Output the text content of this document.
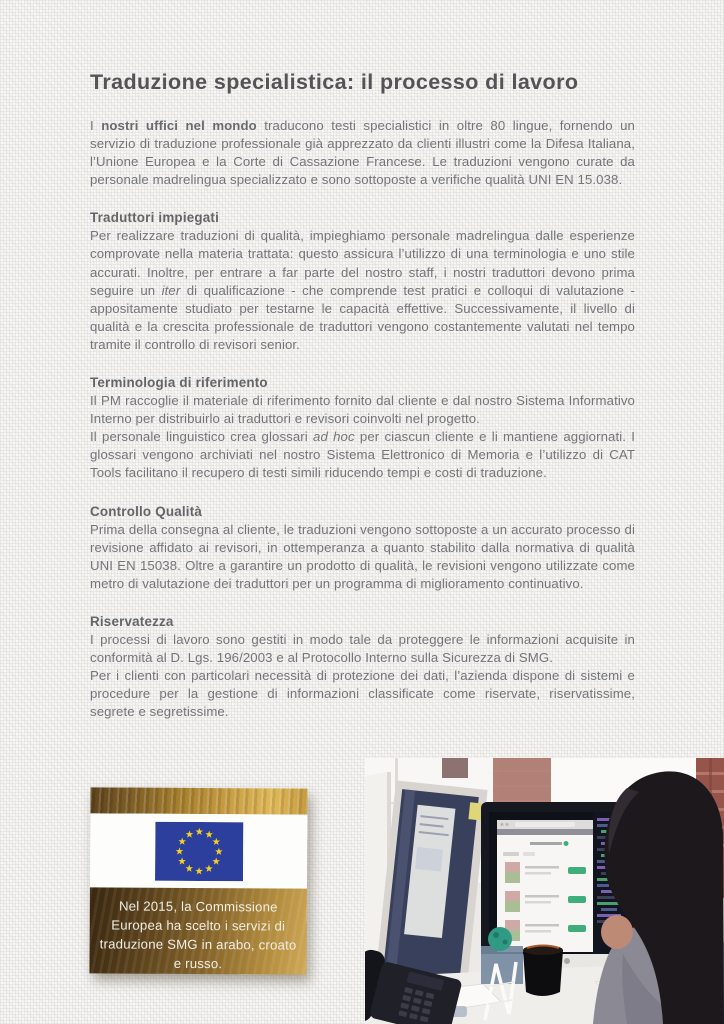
Traduzione specialistica: il processo di lavoro

I nostri uffici nel mondo traducono testi specialistici in oltre 80 lingue, fornendo un servizio di traduzione professionale già apprezzato da clienti illustri come la Difesa Italiana, l’Unione Europea e la Corte di Cassazione Francese. Le traduzioni vengono curate da personale madrelingua specializzato e sono sottoposte a verifiche qualità UNI EN 15.038.

Traduttori impiegati

Per realizzare traduzioni di qualità, impieghiamo personale madrelingua dalle esperienze comprovate nella materia trattata: questo assicura l’utilizzo di una terminologia e uno stile accurati. Inoltre, per entrare a far parte del nostro staff, i nostri traduttori devono prima seguire un iter di qualificazione - che comprende test pratici e colloqui di valutazione - appositamente studiato per testarne le capacità effettive. Successivamente, il livello di qualità e la crescita professionale de traduttori vengono costantemente valutati nel tempo tramite il controllo di revisori senior.

Terminologia di riferimento

Il PM raccoglie il materiale di riferimento fornito dal cliente e dal nostro Sistema Informativo Interno per distribuirlo ai traduttori e revisori coinvolti nel progetto.

Il personale linguistico crea glossari ad hoc per ciascun cliente e li mantiene aggiornati. I glossari vengono archiviati nel nostro Sistema Elettronico di Memoria e l’utilizzo di CAT Tools facilitano il recupero di testi simili riducendo tempi e costi di traduzione.

Controllo Qualità

Prima della consegna al cliente, le traduzioni vengono sottoposte a un accurato processo di revisione affidato ai revisori, in ottemperanza a quanto stabilito dalla normativa di qualità UNI EN 15038. Oltre a garantire un prodotto di qualità, le revisioni vengono utilizzate come metro di valutazione dei traduttori per un programma di miglioramento continuativo.

Riservatezza

I processi di lavoro sono gestiti in modo tale da proteggere le informazioni acquisite in conformità al D. Lgs. 196/2003 e al Protocollo Interno sulla Sicurezza di SMG.

Per i clienti con particolari necessità di protezione dei dati, l’azienda dispone di sistemi e procedure per la gestione di informazioni classificate come riservate, riservatissime, segrete e segretissime.

Nel 2015, la Commissione Europea ha scelto i servizi di traduzione SMG in arabo, croato e russo.
